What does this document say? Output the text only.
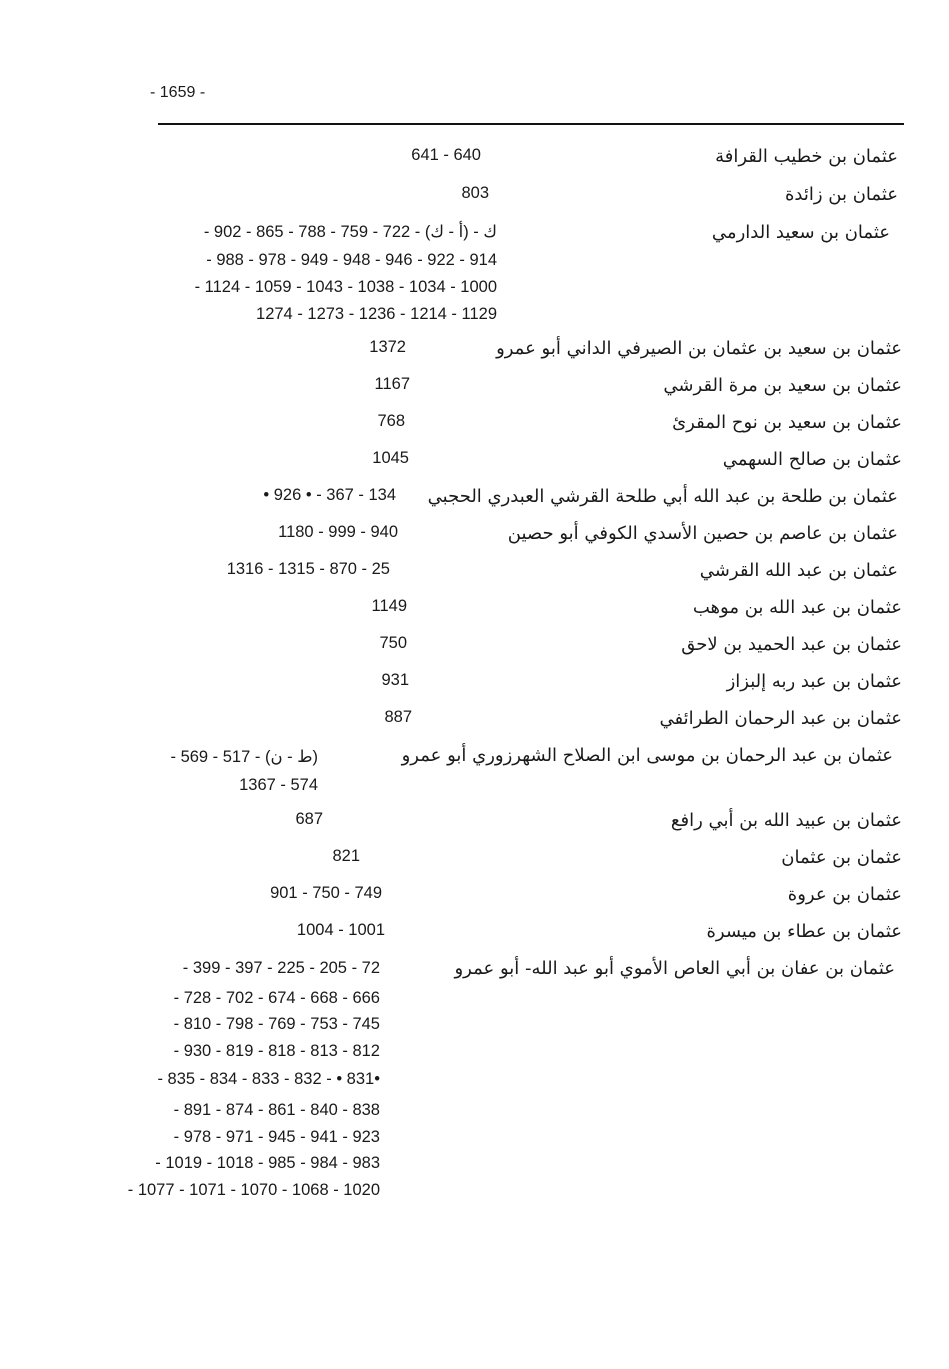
- 1659 -
عثمان بن خطيب القرافة
641 - 640
عثمان بن زائدة
803
عثمان بن سعيد الدارمي
- 902 - 865 - 788 - 759 - 722 - (أ - ك) - ك
- 988 - 978 - 949 - 948 - 946 - 922 - 914
- 1124 - 1059 - 1043 - 1038 - 1034 - 1000
1274 - 1273 - 1236 - 1214 - 1129
عثمان بن سعيد بن عثمان بن الصيرفي الداني أبو عمرو
1372
عثمان بن سعيد بن مرة القرشي
1167
عثمان بن سعيد بن نوح المقرئ
768
عثمان بن صالح السهمي
1045
عثمان بن طلحة بن عبد الله أبي طلحة القرشي العبدري الحجبي
• 926 • - 367 - 134
عثمان بن عاصم بن حصين الأسدي الكوفي أبو حصين
1180 - 999 - 940
عثمان بن عبد الله القرشي
1316 - 1315 - 870 - 25
عثمان بن عبد الله بن موهب
1149
عثمان بن عبد الحميد بن لاحق
750
عثمان بن عبد ربه إلبزاز
931
عثمان بن عبد الرحمان الطرائفي
887
عثمان بن عبد الرحمان بن موسى ابن الصلاح الشهرزوري أبو عمرو
- 569 - 517 - (ط - ن)
1367 - 574
عثمان بن عبيد الله بن أبي رافع
687
عثمان بن عثمان
821
عثمان بن عروة
901 - 750 - 749
عثمان بن عطاء بن ميسرة
1004 - 1001
عثمان بن عفان بن أبي العاص الأموي أبو عبد الله- أبو عمرو
- 399 - 397 - 225 - 205 - 72
- 728 - 702 - 674 - 668 - 666
- 810 - 798 - 769 - 753 - 745
- 930 - 819 - 818 - 813 - 812
- 835 - 834 - 833 - 832 - • 831•
- 891 - 874 - 861 - 840 - 838
- 978 - 971 - 945 - 941 - 923
- 1019 - 1018 - 985 - 984 - 983
- 1077 - 1071 - 1070 - 1068 - 1020
